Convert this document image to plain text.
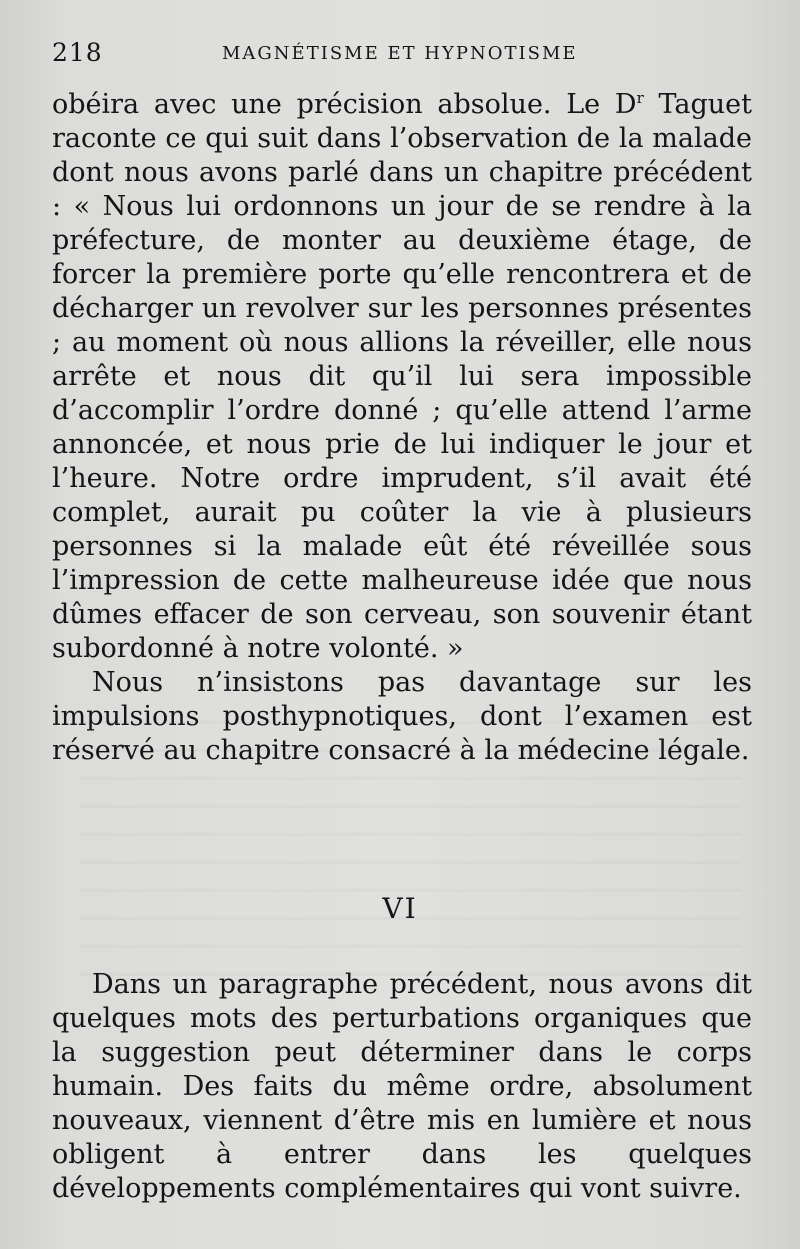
218	MAGNÉTISME ET HYPNOTISME

obéira avec une précision absolue. Le $D^r$ Taguet raconte ce qui suit dans l’observation de la malade dont nous avons parlé dans un chapitre précédent : « Nous lui ordonnons un jour de se rendre à la préfecture, de monter au deuxième étage, de forcer la première porte qu’elle rencontrera et de décharger un revolver sur les personnes présentes ; au moment où nous allions la réveiller, elle nous arrête et nous dit qu’il lui sera impossible d’accomplir l’ordre donné ; qu’elle attend l’arme annoncée, et nous prie de lui indiquer le jour et l’heure. Notre ordre imprudent, s’il avait été complet, aurait pu coûter la vie à plusieurs personnes si la malade eût été réveillée sous l’impression de cette malheureuse idée que nous dûmes effacer de son cerveau, son souvenir étant subordonné à notre volonté. »

Nous n’insistons pas davantage sur les impulsions posthypnotiques, dont l’examen est réservé au chapitre consacré à la médecine légale.

VI

Dans un paragraphe précédent, nous avons dit quelques mots des perturbations organiques que la suggestion peut déterminer dans le corps humain. Des faits du même ordre, absolument nouveaux, viennent d’être mis en lumière et nous obligent à entrer dans les quelques développements complémentaires qui vont suivre.
